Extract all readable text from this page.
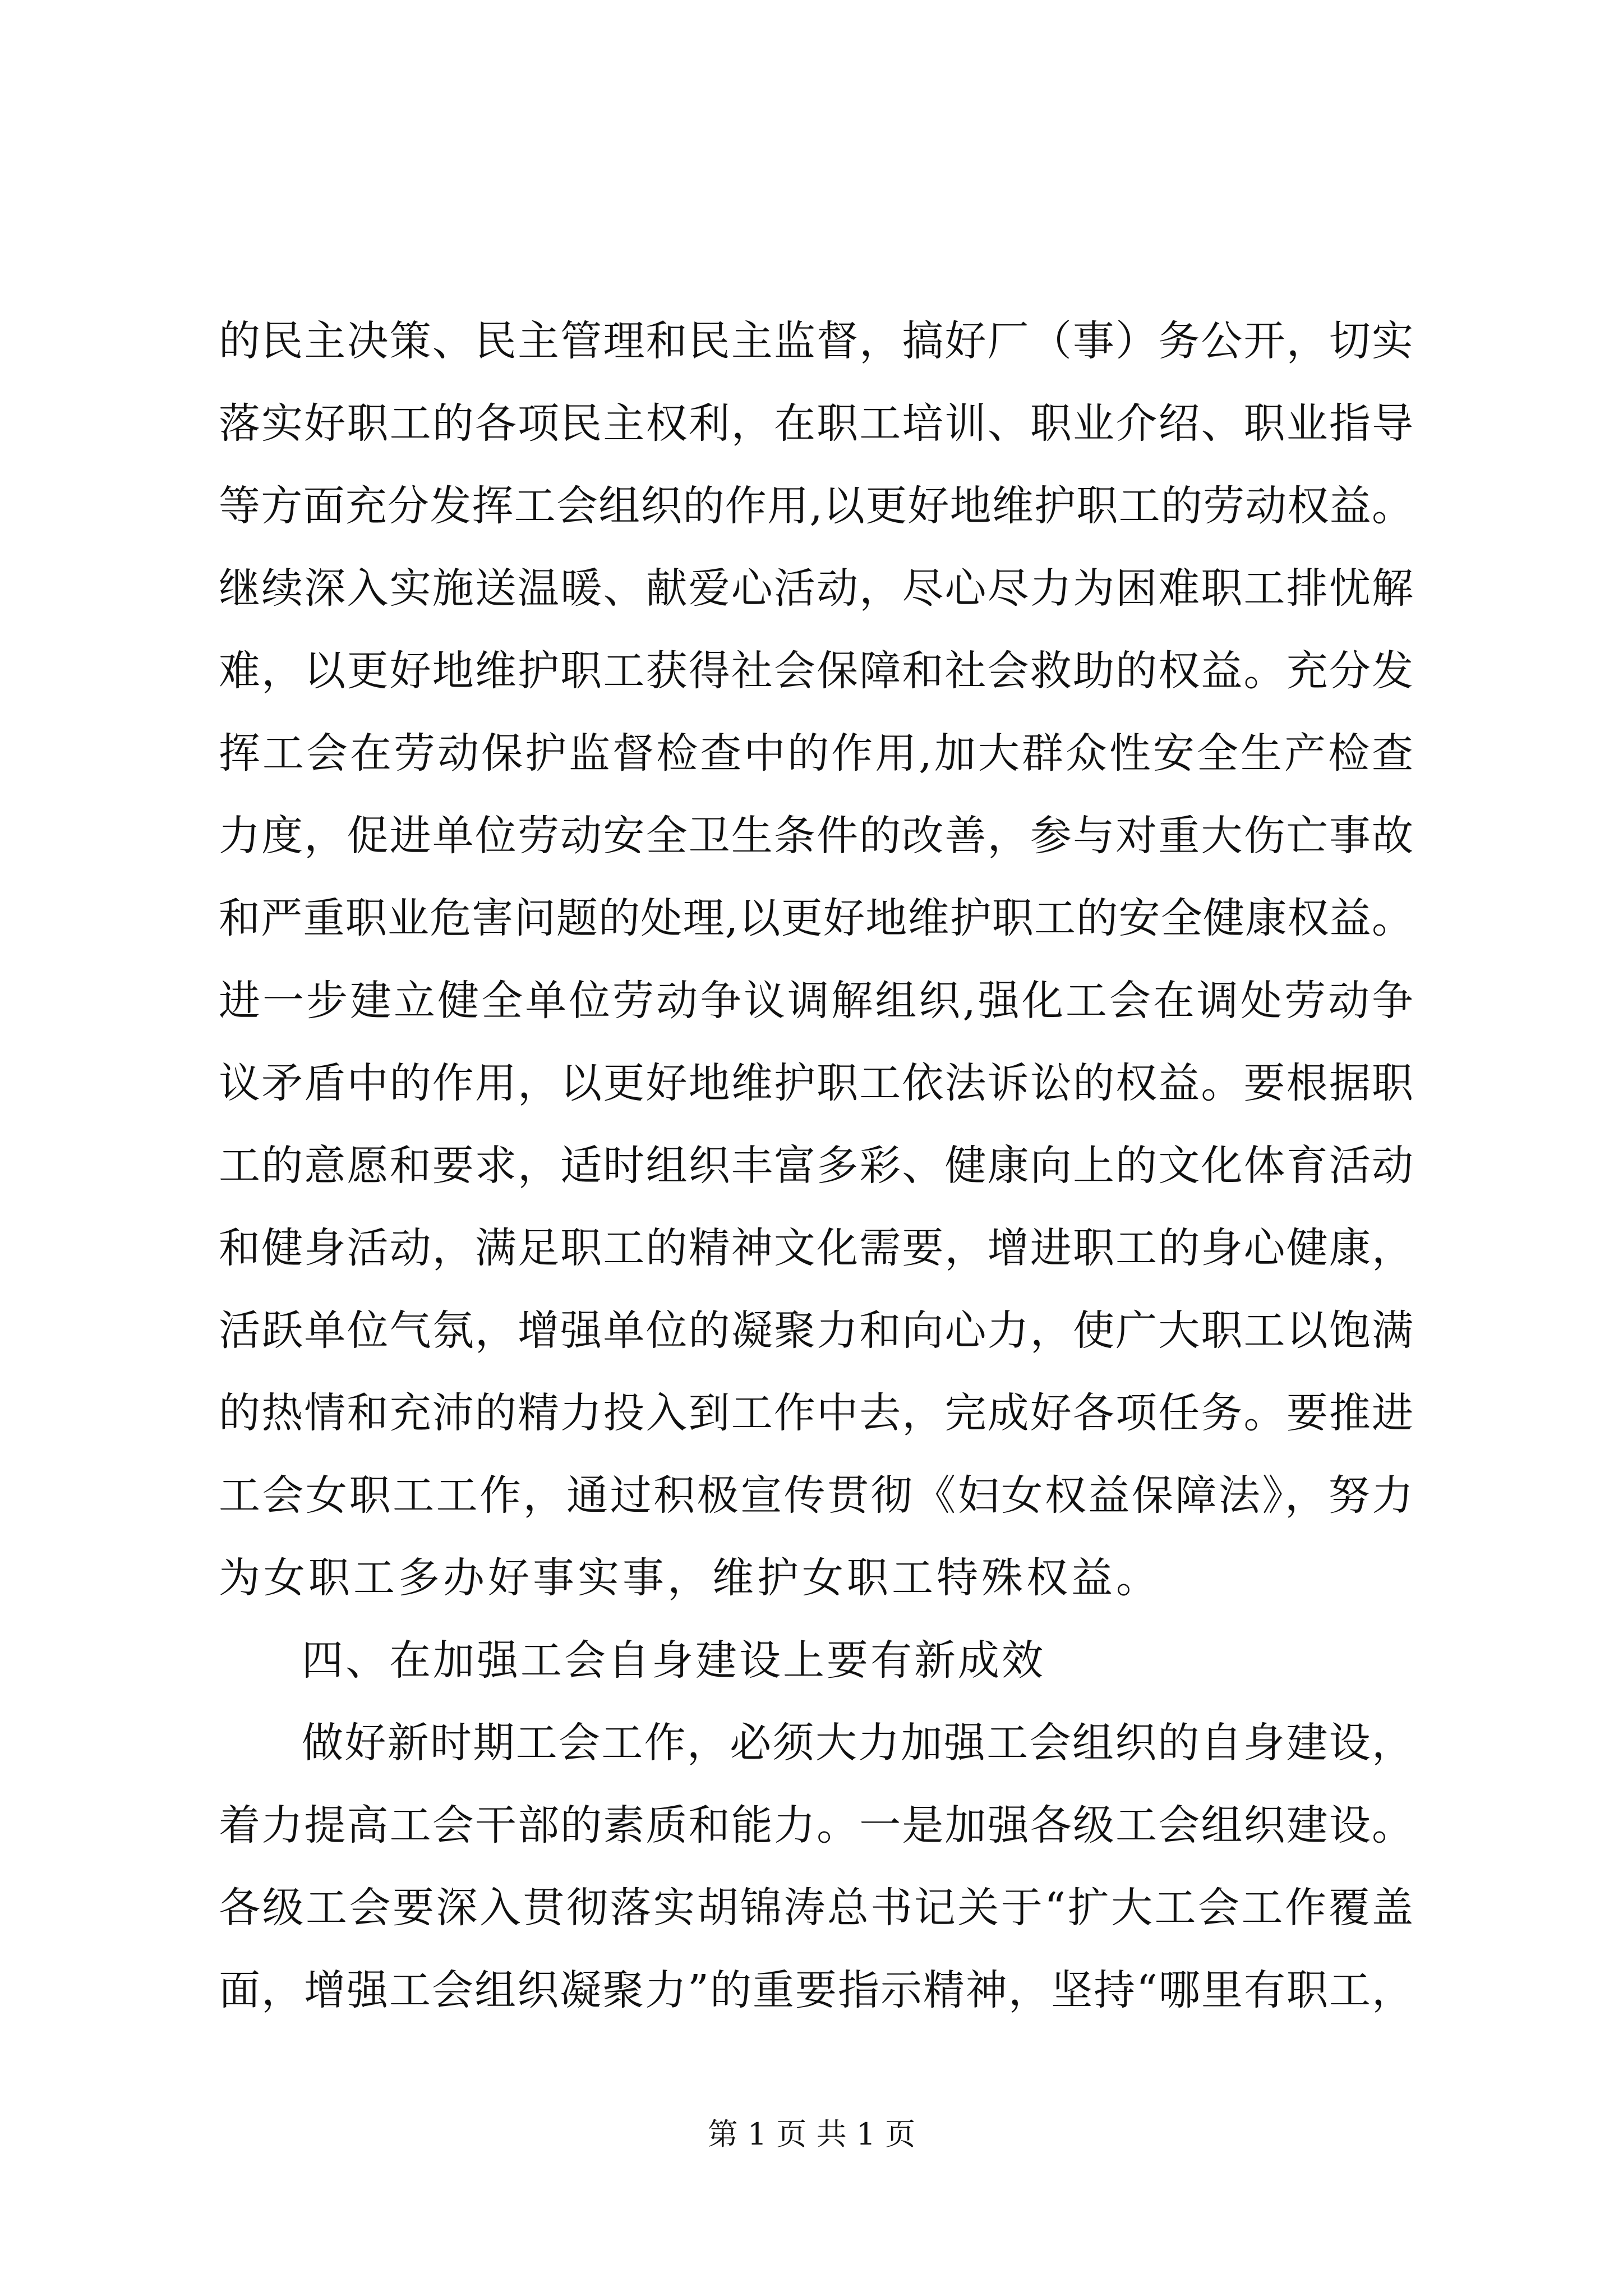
的民主决策、民主管理和民主监督，搞好厂（事）务公开，切实
落实好职工的各项民主权利，在职工培训、职业介绍、职业指导
等方面充分发挥工会组织的作用,以更好地维护职工的劳动权益。
继续深入实施送温暖、献爱心活动，尽心尽力为困难职工排忧解
难，以更好地维护职工获得社会保障和社会救助的权益。充分发
挥工会在劳动保护监督检查中的作用,加大群众性安全生产检查
力度，促进单位劳动安全卫生条件的改善，参与对重大伤亡事故
和严重职业危害问题的处理,以更好地维护职工的安全健康权益。
进一步建立健全单位劳动争议调解组织,强化工会在调处劳动争
议矛盾中的作用，以更好地维护职工依法诉讼的权益。要根据职
工的意愿和要求，适时组织丰富多彩、健康向上的文化体育活动
和健身活动，满足职工的精神文化需要，增进职工的身心健康，
活跃单位气氛，增强单位的凝聚力和向心力，使广大职工以饱满
的热情和充沛的精力投入到工作中去，完成好各项任务。要推进
工会女职工工作，通过积极宣传贯彻《妇女权益保障法》，努力
为女职工多办好事实事，维护女职工特殊权益。
四、在加强工会自身建设上要有新成效
做好新时期工会工作，必须大力加强工会组织的自身建设，
着力提高工会干部的素质和能力。一是加强各级工会组织建设。
各级工会要深入贯彻落实胡锦涛总书记关于“扩大工会工作覆盖
面，增强工会组织凝聚力”的重要指示精神，坚持“哪里有职工，
第 1 页 共 1 页
